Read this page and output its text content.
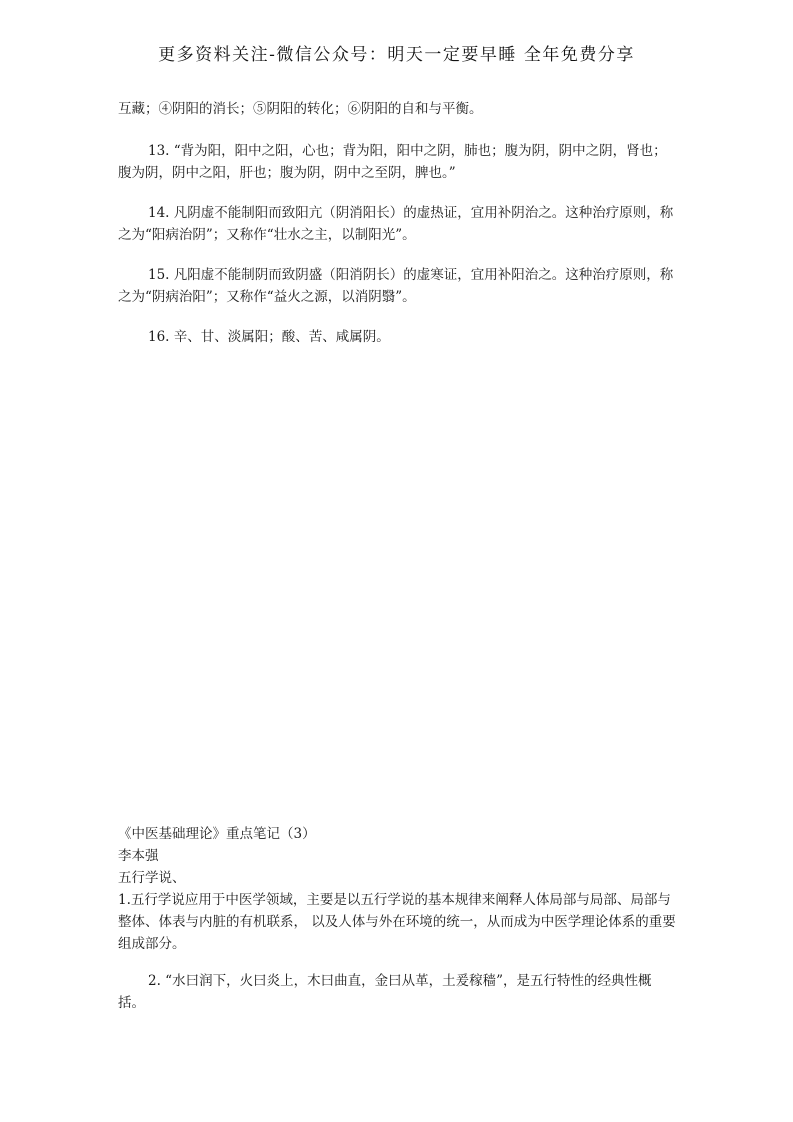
更多资料关注-微信公众号：明天一定要早睡 全年免费分享

互藏；④阴阳的消长；⑤阴阳的转化；⑥阴阳的自和与平衡。

13. “背为阳，阳中之阳，心也；背为阳，阳中之阴，肺也；腹为阴，阴中之阴，肾也；腹为阴，阴中之阳，肝也；腹为阴，阴中之至阴，脾也。”

14. 凡阴虚不能制阳而致阳亢（阴消阳长）的虚热证，宜用补阴治之。这种治疗原则，称之为“阳病治阴”；又称作“壮水之主，以制阳光”。

15. 凡阳虚不能制阴而致阴盛（阳消阴长）的虚寒证，宜用补阳治之。这种治疗原则，称之为“阴病治阳”；又称作“益火之源，以消阴翳”。

16. 辛、甘、淡属阳；酸、苦、咸属阴。

《中医基础理论》重点笔记（3）

李本强

五行学说、

1.五行学说应用于中医学领域，主要是以五行学说的基本规律来阐释人体局部与局部、局部与整体、体表与内脏的有机联系， 以及人体与外在环境的统一，从而成为中医学理论体系的重要组成部分。

2. “水曰润下，火曰炎上，木曰曲直，金曰从革，土爰稼穑”，是五行特性的经典性概括。
